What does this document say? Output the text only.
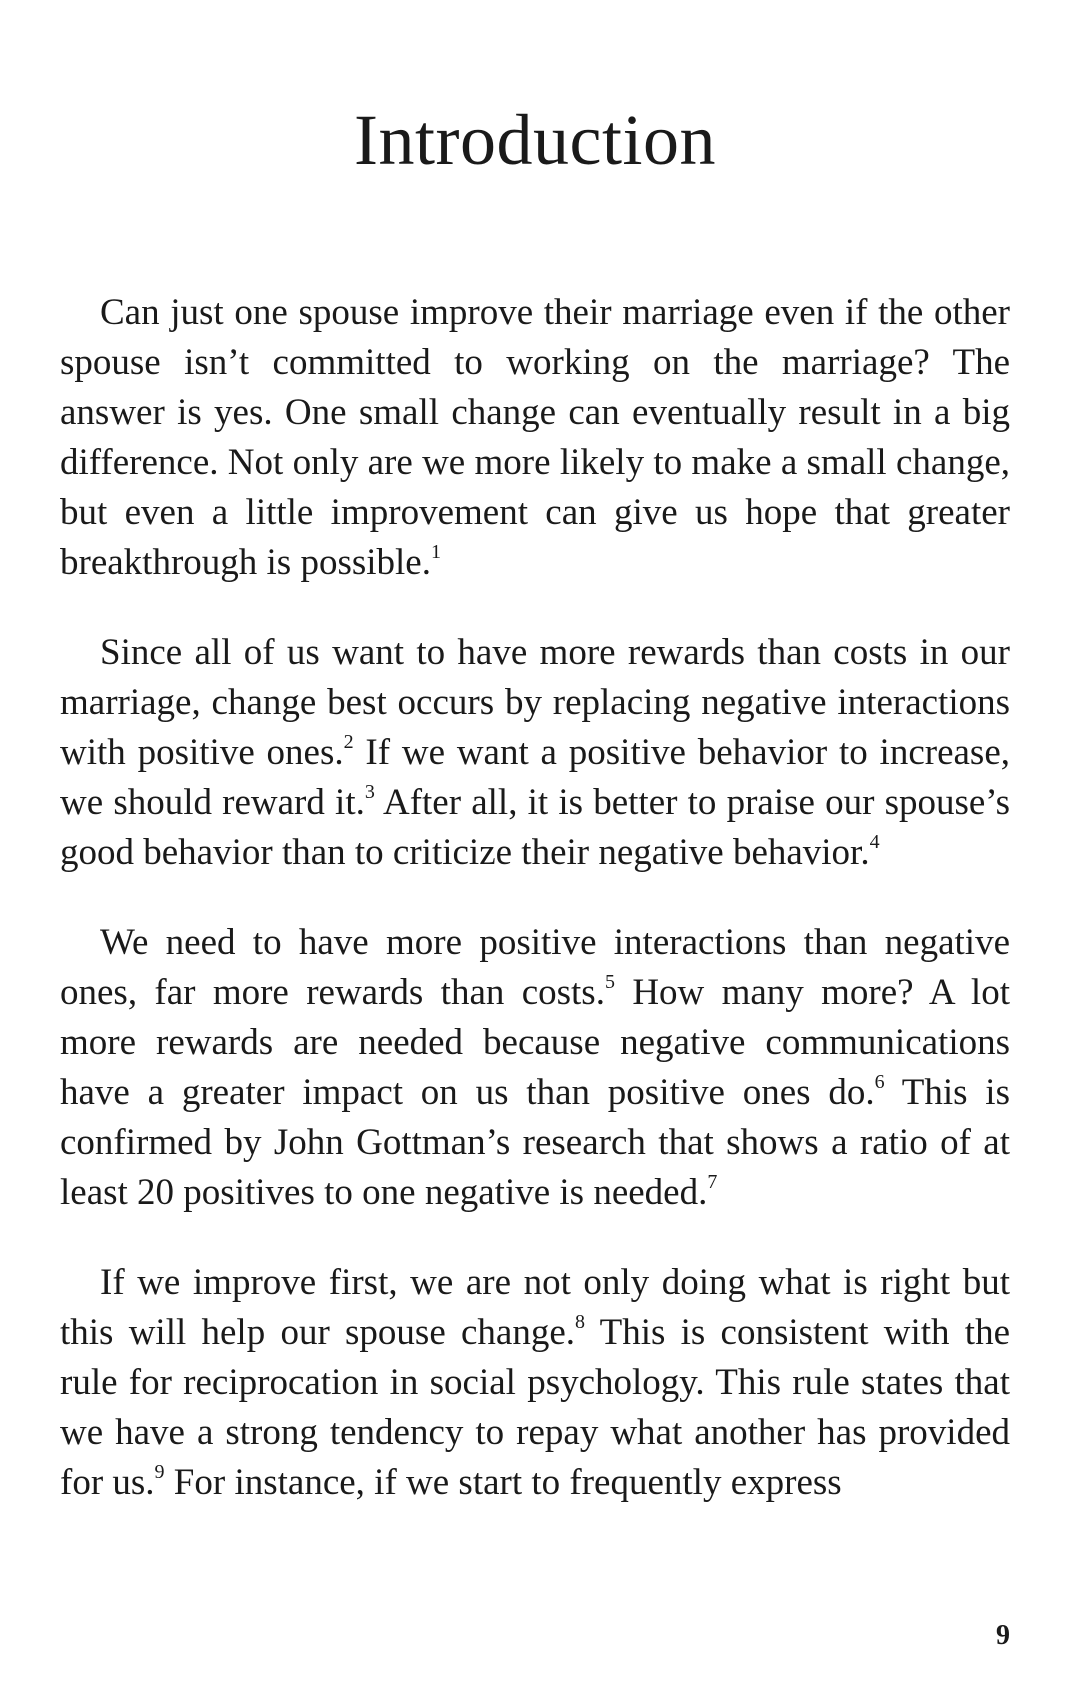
Introduction

Can just one spouse improve their marriage even if the other spouse isn’t committed to working on the marriage? The answer is yes. One small change can eventually result in a big difference. Not only are we more likely to make a small change, but even a little improvement can give us hope that greater breakthrough is possible.$^1$

Since all of us want to have more rewards than costs in our marriage, change best occurs by replacing negative interactions with positive ones.$^2$ If we want a positive behavior to increase, we should reward it.$^3$ After all, it is better to praise our spouse’s good behavior than to criticize their negative behavior.$^4$

We need to have more positive interactions than negative ones, far more rewards than costs.$^5$ How many more? A lot more rewards are needed because negative communications have a greater impact on us than positive ones do.$^6$ This is confirmed by John Gottman’s research that shows a ratio of at least 20 positives to one negative is needed.$^7$

If we improve first, we are not only doing what is right but this will help our spouse change.$^8$ This is consistent with the rule for reciprocation in social psychology. This rule states that we have a strong tendency to repay what another has provided for us.$^9$ For instance, if we start to frequently express

9
